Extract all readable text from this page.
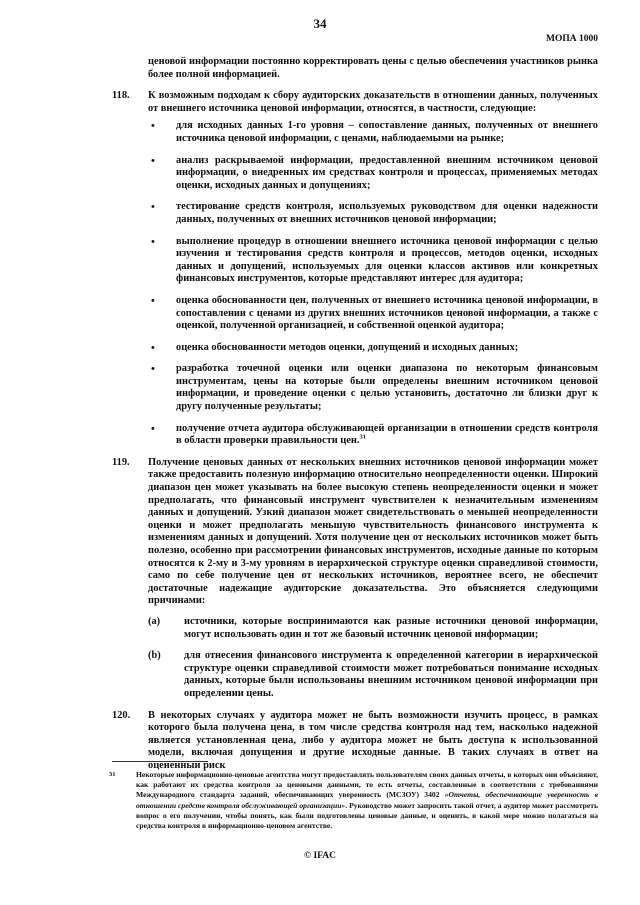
34
МОПА 1000

ценовой информации постоянно корректировать цены с целью обеспечения участников рынка более полной информацией.

118. К возможным подходам к сбору аудиторских доказательств в отношении данных, полученных от внешнего источника ценовой информации, относятся, в частности, следующие:
• для исходных данных 1-го уровня – сопоставление данных, полученных от внешнего источника ценовой информации, с ценами, наблюдаемыми на рынке;
• анализ раскрываемой информации, предоставленной внешним источником ценовой информации, о внедренных им средствах контроля и процессах, применяемых методах оценки, исходных данных и допущениях;
• тестирование средств контроля, используемых руководством для оценки надежности данных, полученных от внешних источников ценовой информации;
• выполнение процедур в отношении внешнего источника ценовой информации с целью изучения и тестирования средств контроля и процессов, методов оценки, исходных данных и допущений, используемых для оценки классов активов или конкретных финансовых инструментов, которые представляют интерес для аудитора;
• оценка обоснованности цен, полученных от внешнего источника ценовой информации, в сопоставлении с ценами из других внешних источников ценовой информации, а также с оценкой, полученной организацией, и собственной оценкой аудитора;
• оценка обоснованности методов оценки, допущений и исходных данных;
• разработка точечной оценки или оценки диапазона по некоторым финансовым инструментам, цены на которые были определены внешним источником ценовой информации, и проведение оценки с целью установить, достаточно ли близки друг к другу полученные результаты;
• получение отчета аудитора обслуживающей организации в отношении средств контроля в области проверки правильности цен.$^{31}$
119. Получение ценовых данных от нескольких внешних источников ценовой информации может также предоставить полезную информацию относительно неопределенности оценки. Широкий диапазон цен может указывать на более высокую степень неопределенности оценки и может предполагать, что финансовый инструмент чувствителен к незначительным изменениям данных и допущений. Узкий диапазон может свидетельствовать о меньшей неопределенности оценки и может предполагать меньшую чувствительность финансового инструмента к изменениям данных и допущений. Хотя получение цен от нескольких источников может быть полезно, особенно при рассмотрении финансовых инструментов, исходные данные по которым относятся к 2-му и 3-му уровням в иерархической структуре оценки справедливой стоимости, само по себе получение цен от нескольких источников, вероятнее всего, не обеспечит достаточные надежащие аудиторские доказательства. Это объясняется следующими причинами:
(a) источники, которые воспринимаются как разные источники ценовой информации, могут использовать один и тот же базовый источник ценовой информации;
(b) для отнесения финансового инструмента к определенной категории в иерархической структуре оценки справедливой стоимости может потребоваться понимание исходных данных, которые были использованы внешним источником ценовой информации при определении цены.
120. В некоторых случаях у аудитора может не быть возможности изучить процесс, в рамках которого была получена цена, в том числе средства контроля над тем, насколько надежной является установленная цена, либо у аудитора может не быть доступа к использованной модели, включая допущения и другие исходные данные. В таких случаях в ответ на оцененный риск
31	Некоторые информационно-ценовые агентства могут предоставлять пользователям своих данных отчеты, в которых они объясняют, как работают их средства контроля за ценовыми данными, то есть отчеты, составленные в соответствии с требованиями Международного стандарта заданий, обеспечивающих уверенность (МСЗОУ) 3402 «Отчеты, обеспечивающие уверенность в отношении средств контроля обслуживающей организации». Руководство может запросить такой отчет, а аудитор может рассмотреть вопрос о его получении, чтобы понять, как были подготовлены ценовые данные, и оценить, в какой мере можно полагаться на средства контроля в информационно-ценовом агентстве.
© IFAC
